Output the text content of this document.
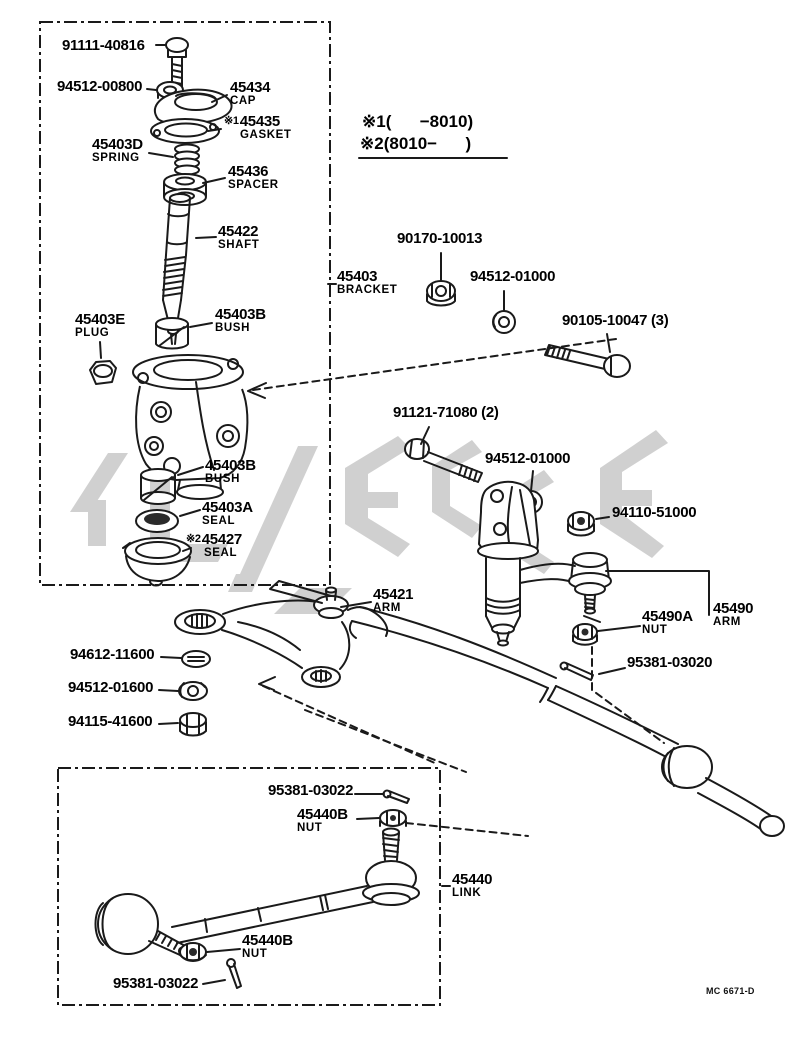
91111-40816
94512-00800	45434
CAP
※145435
GASKET
45403D
SPRING
45436
SPACER
45422
SHAFT
45403
BRACKET
45403E
PLUG
45403B
BUSH
45403B
BUSH
45403A
SEAL
※245427
SEAL
90170-10013
94512-01000
90105-10047 (3)
91121-71080 (2)
94512-01000
94110-51000
45421
ARM
94612-11600
94512-01600
94115-41600
45490A
NUT
45490
ARM
95381-03020
95381-03022
45440B
NUT
45440
LINK
45440B
NUT
95381-03022
※1(      −8010)
※2(8010−      )
MC 6671-D
